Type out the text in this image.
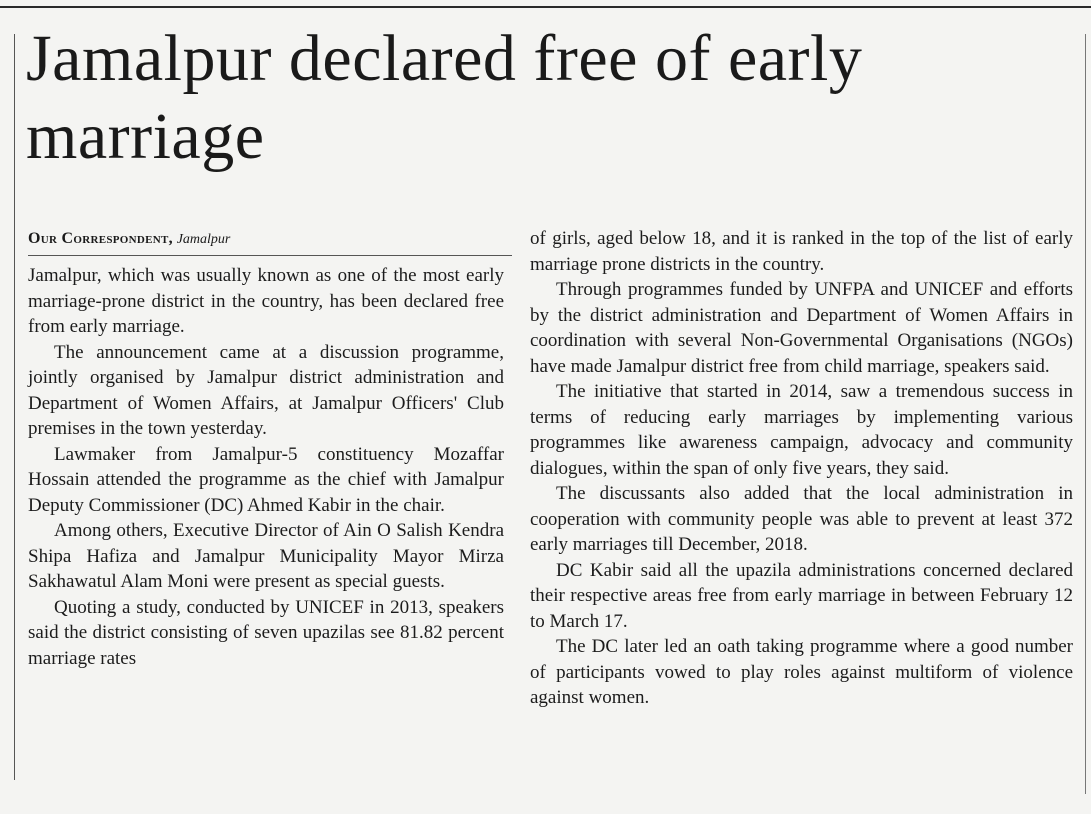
Jamalpur declared free of early marriage
Our Correspondent, Jamalpur

Jamalpur, which was usually known as one of the most early marriage-prone district in the country, has been declared free from early marriage.

The announcement came at a discussion programme, jointly organised by Jamalpur district administration and Department of Women Affairs, at Jamalpur Officers' Club premises in the town yesterday.

Lawmaker from Jamalpur-5 constituency Mozaffar Hossain attended the programme as the chief with Jamalpur Deputy Commissioner (DC) Ahmed Kabir in the chair.

Among others, Executive Director of Ain O Salish Kendra Shipa Hafiza and Jamalpur Municipality Mayor Mirza Sakhawatul Alam Moni were present as special guests.

Quoting a study, conducted by UNICEF in 2013, speakers said the district consisting of seven upazilas see 81.82 percent marriage rates

of girls, aged below 18, and it is ranked in the top of the list of early marriage prone districts in the country.

Through programmes funded by UNFPA and UNICEF and efforts by the district administration and Department of Women Affairs in coordination with several Non-Governmental Organisations (NGOs) have made Jamalpur district free from child marriage, speakers said.

The initiative that started in 2014, saw a tremendous success in terms of reducing early marriages by implementing various programmes like awareness campaign, advocacy and community dialogues, within the span of only five years, they said.

The discussants also added that the local administration in cooperation with community people was able to prevent at least 372 early marriages till December, 2018.

DC Kabir said all the upazila administrations concerned declared their respective areas free from early marriage in between February 12 to March 17.

The DC later led an oath taking programme where a good number of participants vowed to play roles against multiform of violence against women.
